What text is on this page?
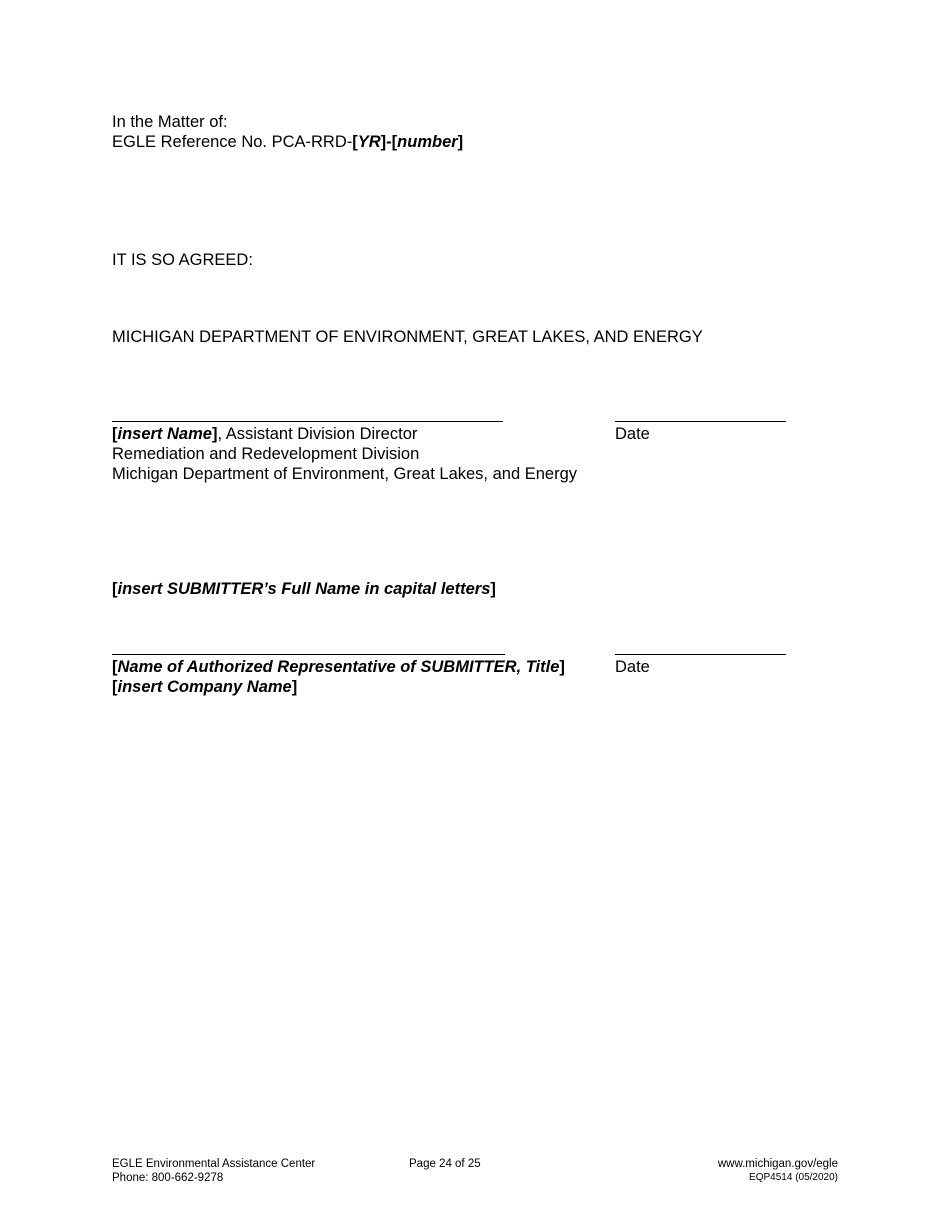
In the Matter of:
EGLE Reference No. PCA-RRD-[YR]-[number]
IT IS SO AGREED:
MICHIGAN DEPARTMENT OF ENVIRONMENT, GREAT LAKES, AND ENERGY
[insert Name], Assistant Division Director
Remediation and Redevelopment Division
Michigan Department of Environment, Great Lakes, and Energy
Date
[insert SUBMITTER’s Full Name in capital letters]
[Name of Authorized Representative of SUBMITTER, Title]
[insert Company Name]
Date
EGLE Environmental Assistance Center
Phone: 800-662-9278
Page 24 of 25	www.michigan.gov/egle
EQP4514 (05/2020)
